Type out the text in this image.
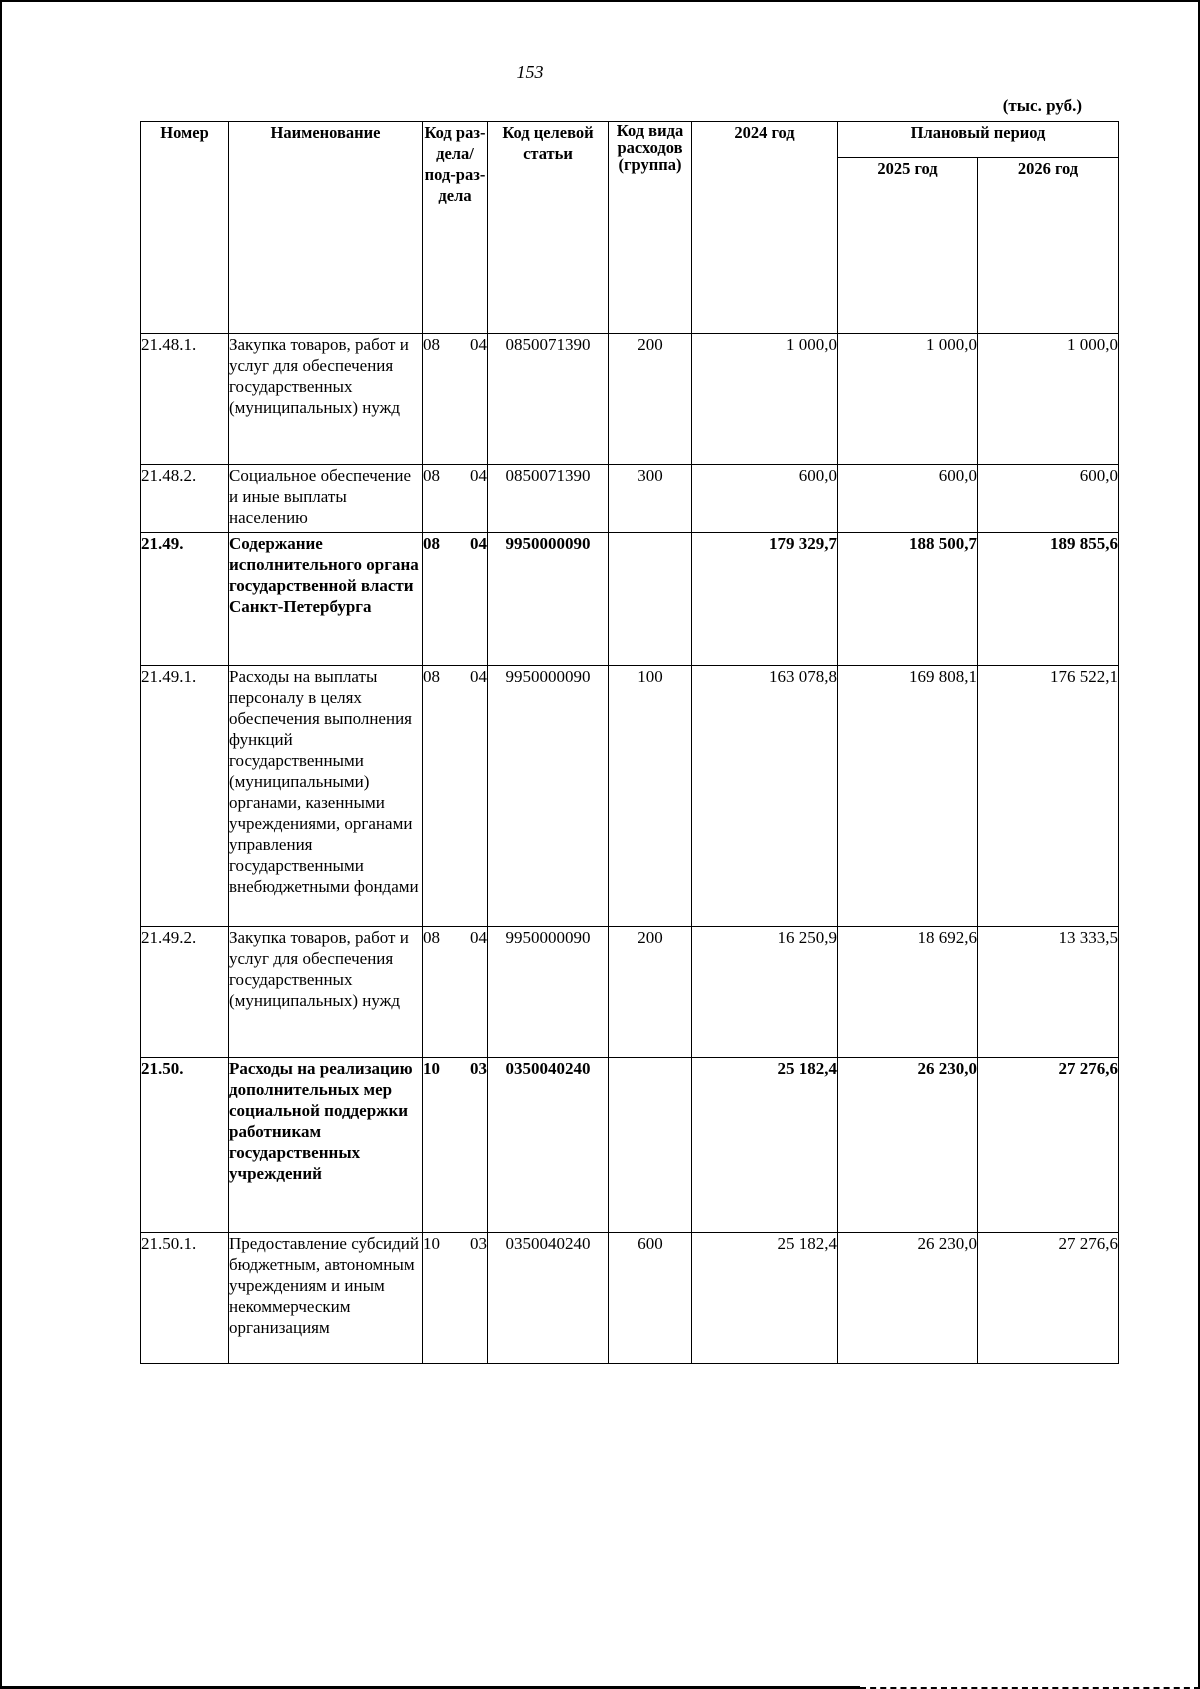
153
(тыс. руб.)
Номер	Наименование	Код раз-дела/ под-раз-дела	Код целевой статьи	Код вида расходов (группа)	2024 год	Плановый период	
						2025 год	2026 год
21.48.1.	Закупка товаров, работ и услуг для обеспечения государственных (муниципальных) нужд	08 04	0850071390	200	1 000,0	1 000,0	1 000,0
21.48.2.	Социальное обеспечение и иные выплаты населению	08 04	0850071390	300	600,0	600,0	600,0
21.49.	Содержание исполнительного органа государственной власти Санкт-Петербурга	08 04	9950000090		179 329,7	188 500,7	189 855,6
21.49.1.	Расходы на выплаты персоналу в целях обеспечения выполнения функций государственными (муниципальными) органами, казенными учреждениями, органами управления государственными внебюджетными фондами	08 04	9950000090	100	163 078,8	169 808,1	176 522,1
21.49.2.	Закупка товаров, работ и услуг для обеспечения государственных (муниципальных) нужд	08 04	9950000090	200	16 250,9	18 692,6	13 333,5
21.50.	Расходы на реализацию дополнительных мер социальной поддержки работникам государственных учреждений	10 03	0350040240		25 182,4	26 230,0	27 276,6
21.50.1.	Предоставление субсидий бюджетным, автономным учреждениям и иным некоммерческим организациям	10 03	0350040240	600	25 182,4	26 230,0	27 276,6
